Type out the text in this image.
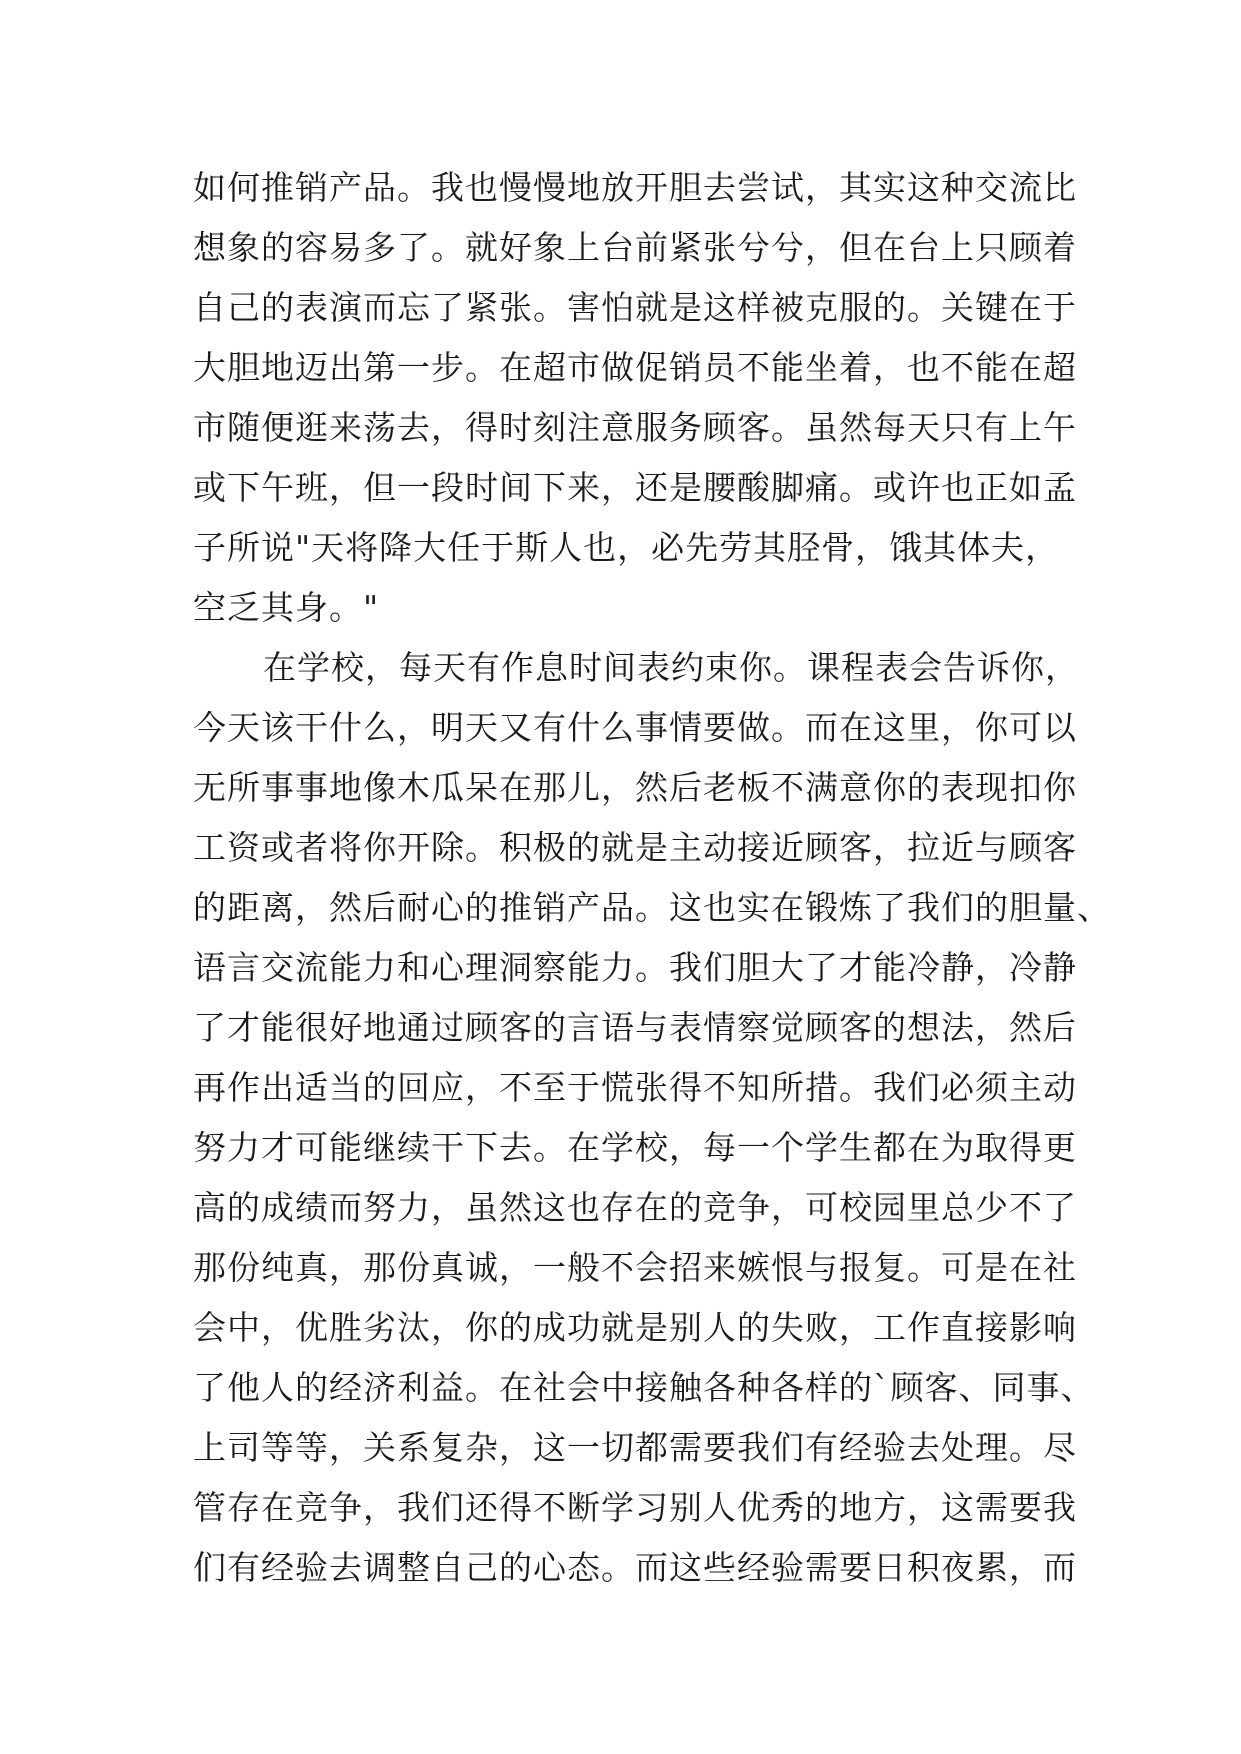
如何推销产品。我也慢慢地放开胆去尝试，其实这种交流比
想象的容易多了。就好象上台前紧张兮兮，但在台上只顾着
自己的表演而忘了紧张。害怕就是这样被克服的。关键在于
大胆地迈出第一步。在超市做促销员不能坐着，也不能在超
市随便逛来荡去，得时刻注意服务顾客。虽然每天只有上午
或下午班，但一段时间下来，还是腰酸脚痛。或许也正如孟
子所说"天将降大任于斯人也，必先劳其胫骨，饿其体夫，
空乏其身。"
在学校，每天有作息时间表约束你。课程表会告诉你，
今天该干什么，明天又有什么事情要做。而在这里，你可以
无所事事地像木瓜呆在那儿，然后老板不满意你的表现扣你
工资或者将你开除。积极的就是主动接近顾客，拉近与顾客
的距离，然后耐心的推销产品。这也实在锻炼了我们的胆量、
语言交流能力和心理洞察能力。我们胆大了才能冷静，冷静
了才能很好地通过顾客的言语与表情察觉顾客的想法，然后
再作出适当的回应，不至于慌张得不知所措。我们必须主动
努力才可能继续干下去。在学校，每一个学生都在为取得更
高的成绩而努力，虽然这也存在的竞争，可校园里总少不了
那份纯真，那份真诚，一般不会招来嫉恨与报复。可是在社
会中，优胜劣汰，你的成功就是别人的失败，工作直接影响
了他人的经济利益。在社会中接触各种各样的`顾客、同事、
上司等等，关系复杂，这一切都需要我们有经验去处理。尽
管存在竞争，我们还得不断学习别人优秀的地方，这需要我
们有经验去调整自己的心态。而这些经验需要日积夜累，而
